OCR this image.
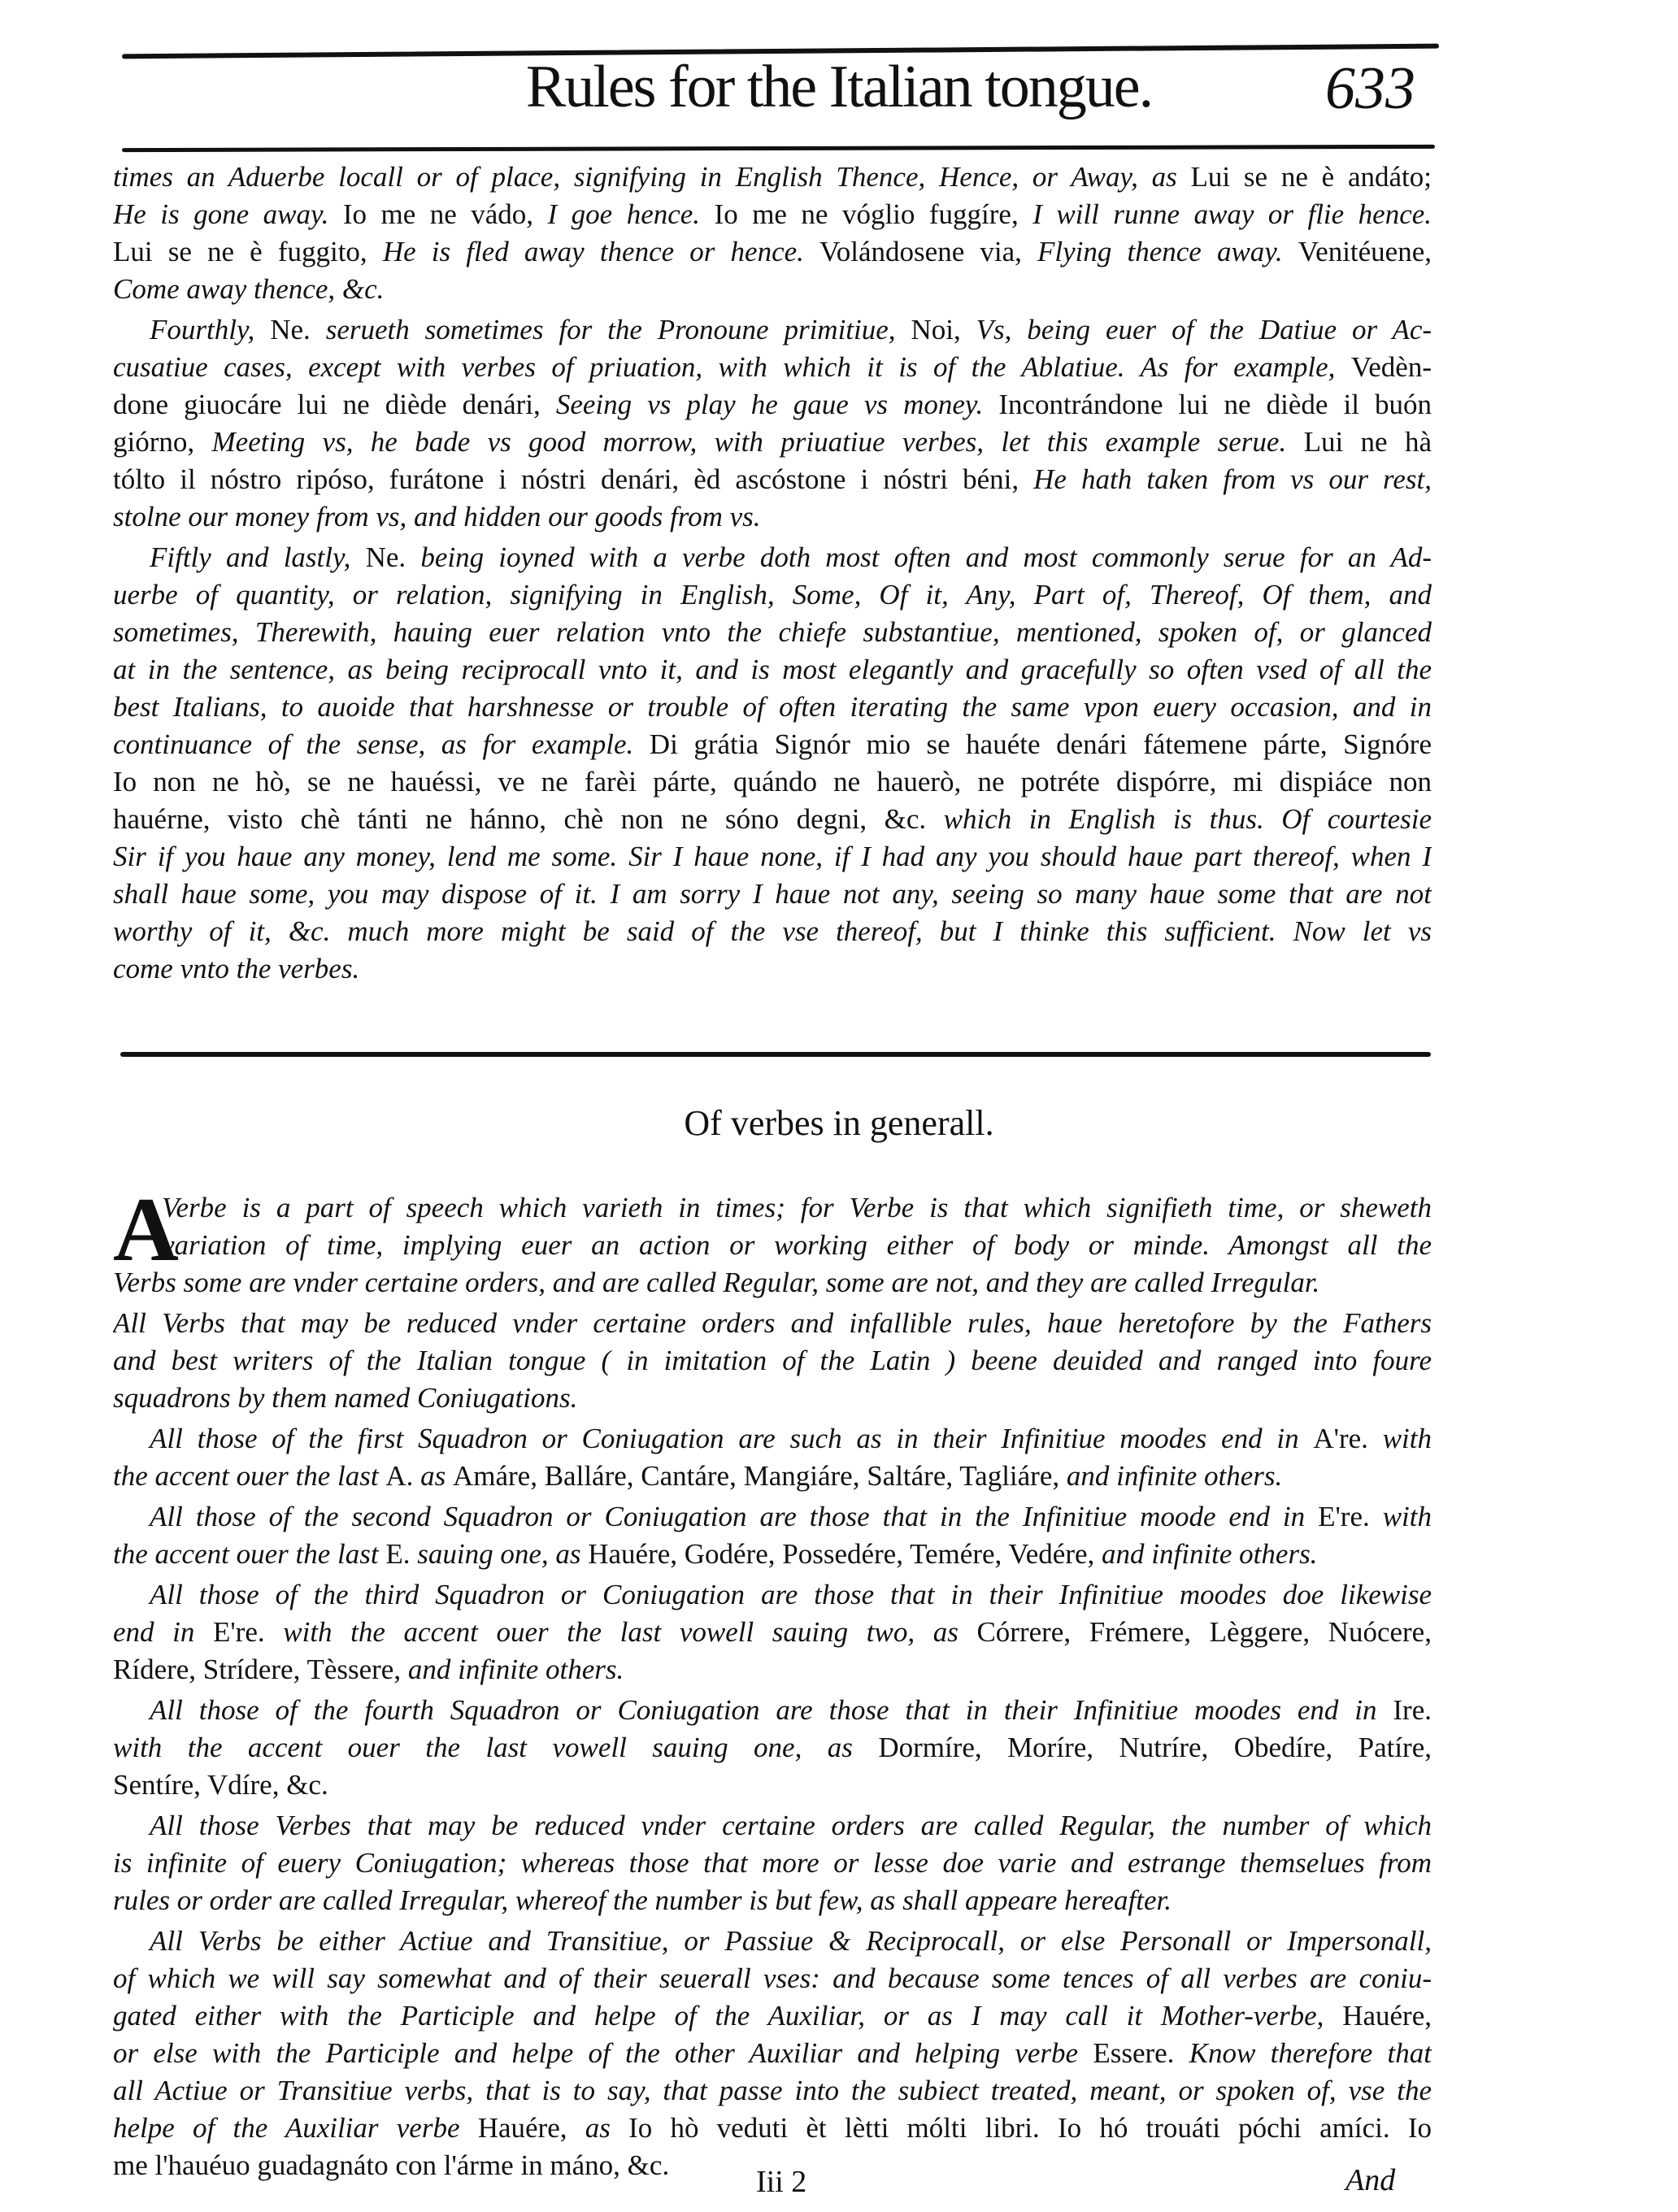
Rules for the Italian tongue.	633
times an Aduerbe locall or of place, signifying in English Thence, Hence, or Away, as Lui se ne è andáto;
He is gone away. Io me ne vádo, I goe hence. Io me ne vóglio fuggíre, I will runne away or flie hence.
Lui se ne è fuggito, He is fled away thence or hence. Volándosene via, Flying thence away. Venitéuene,
Come away thence, &c.
Fourthly, Ne. serueth sometimes for the Pronoune primitiue, Noi, Vs, being euer of the Datiue or Ac-
cusatiue cases, except with verbes of priuation, with which it is of the Ablatiue. As for example, Vedèn-
done giuocáre lui ne diède denári, Seeing vs play he gaue vs money. Incontrándone lui ne diède il buón
giórno, Meeting vs, he bade vs good morrow, with priuatiue verbes, let this example serue. Lui ne hà
tólto il nóstro ripóso, furátone i nóstri denári, èd ascóstone i nóstri béni, He hath taken from vs our rest,
stolne our money from vs, and hidden our goods from vs.
Fiftly and lastly, Ne. being ioyned with a verbe doth most often and most commonly serue for an Ad-
uerbe of quantity, or relation, signifying in English, Some, Of it, Any, Part of, Thereof, Of them, and
sometimes, Therewith, hauing euer relation vnto the chiefe substantiue, mentioned, spoken of, or glanced
at in the sentence, as being reciprocall vnto it, and is most elegantly and gracefully so often vsed of all the
best Italians, to auoide that harshnesse or trouble of often iterating the same vpon euery occasion, and in
continuance of the sense, as for example. Di grátia Signór mio se hauéte denári fátemene párte, Signóre
Io non ne hò, se ne hauéssi, ve ne farèi párte, quándo ne hauerò, ne potréte dispórre, mi dispiáce non
hauérne, visto chè tánti ne hánno, chè non ne sóno degni, &c. which in English is thus. Of courtesie
Sir if you haue any money, lend me some. Sir I haue none, if I had any you should haue part thereof, when I
shall haue some, you may dispose of it. I am sorry I haue not any, seeing so many haue some that are not
worthy of it, &c. much more might be said of the vse thereof, but I thinke this sufficient. Now let vs
come vnto the verbes.
Of verbes in generall.
A
Verbe is a part of speech which varieth in times; for Verbe is that which signifieth time, or sheweth
variation of time, implying euer an action or working either of body or minde. Amongst all the
Verbs some are vnder certaine orders, and are called Regular, some are not, and they are called Irregular.
All Verbs that may be reduced vnder certaine orders and infallible rules, haue heretofore by the Fathers
and best writers of the Italian tongue ( in imitation of the Latin ) beene deuided and ranged into foure
squadrons by them named Coniugations.
All those of the first Squadron or Coniugation are such as in their Infinitiue moodes end in A're. with
the accent ouer the last A. as Amáre, Balláre, Cantáre, Mangiáre, Saltáre, Tagliáre, and infinite others.
All those of the second Squadron or Coniugation are those that in the Infinitiue moode end in E're. with
the accent ouer the last E. sauing one, as Hauére, Godére, Possedére, Temére, Vedére, and infinite others.
All those of the third Squadron or Coniugation are those that in their Infinitiue moodes doe likewise
end in E're. with the accent ouer the last vowell sauing two, as Córrere, Frémere, Lèggere, Nuócere,
Rídere, Strídere, Tèssere, and infinite others.
All those of the fourth Squadron or Coniugation are those that in their Infinitiue moodes end in Ire.
with the accent ouer the last vowell sauing one, as Dormíre, Moríre, Nutríre, Obedíre, Patíre,
Sentíre, Vdíre, &c.
All those Verbes that may be reduced vnder certaine orders are called Regular, the number of which
is infinite of euery Coniugation; whereas those that more or lesse doe varie and estrange themselues from
rules or order are called Irregular, whereof the number is but few, as shall appeare hereafter.
All Verbs be either Actiue and Transitiue, or Passiue & Reciprocall, or else Personall or Impersonall,
of which we will say somewhat and of their seuerall vses: and because some tences of all verbes are coniu-
gated either with the Participle and helpe of the Auxiliar, or as I may call it Mother-verbe, Hauére,
or else with the Participle and helpe of the other Auxiliar and helping verbe Essere. Know therefore that
all Actiue or Transitiue verbs, that is to say, that passe into the subiect treated, meant, or spoken of, vse the
helpe of the Auxiliar verbe Hauére, as Io hò veduti èt lètti mólti libri. Io hó trouáti póchi amíci. Io
me l'hauéuo guadagnáto con l'árme in máno, &c.	Iii 2	And
